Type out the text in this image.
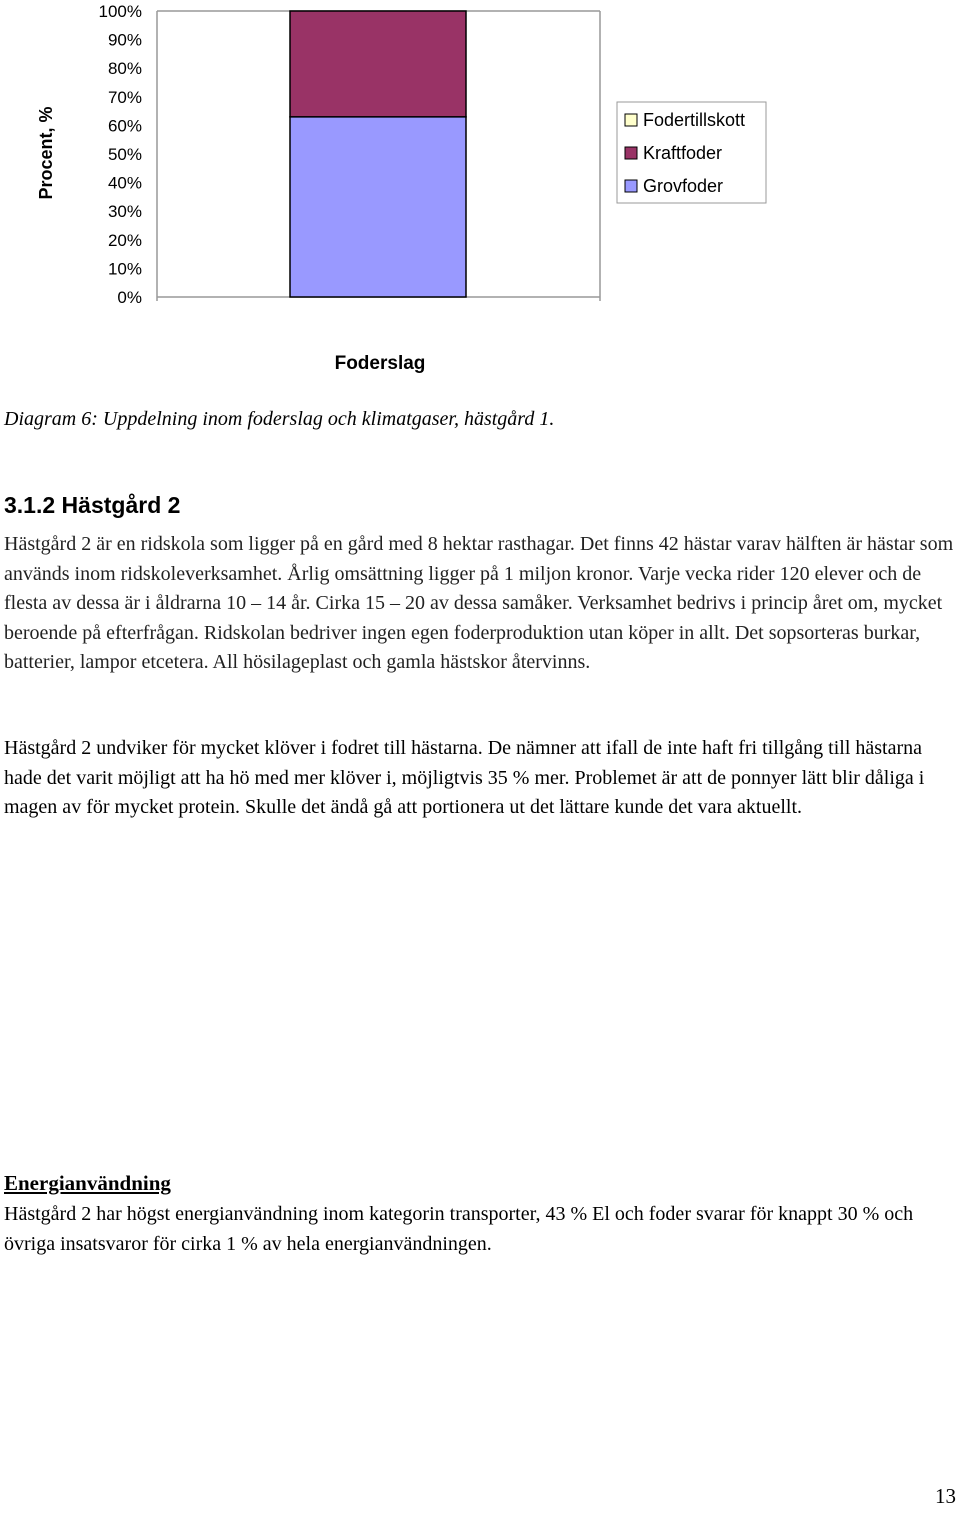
0%
10%
20%
30%
40%
50%
60%
70%
80%
90%
100%
Procent, %
Foderslag
Fodertillskott
Kraftfoder
Grovfoder
Diagram 6: Uppdelning inom foderslag och klimatgaser, hästgård 1.
3.1.2 Hästgård 2

Hästgård 2 är en ridskola som ligger på en gård med 8 hektar rasthagar. Det finns 42 hästar varav hälften är hästar som används inom ridskoleverksamhet. Årlig omsättning ligger på 1 miljon kronor. Varje vecka rider 120 elever och de flesta av dessa är i åldrarna 10 – 14 år. Cirka 15 – 20 av dessa samåker. Verksamhet bedrivs i princip året om, mycket beroende på efterfrågan. Ridskolan bedriver ingen egen foderproduktion utan köper in allt. Det sopsorteras burkar, batterier, lampor etcetera. All hösilageplast och gamla hästskor återvinns.

Hästgård 2 undviker för mycket klöver i fodret till hästarna. De nämner att ifall de inte haft fri tillgång till hästarna hade det varit möjligt att ha hö med mer klöver i, möjligtvis 35 % mer. Problemet är att de ponnyer lätt blir dåliga i magen av för mycket protein. Skulle det ändå gå att portionera ut det lättare kunde det vara aktuellt.

Energianvändning

Hästgård 2 har högst energianvändning inom kategorin transporter, 43 % El och foder svarar för knappt 30 % och övriga insatsvaror för cirka 1 % av hela energianvändningen.

13
